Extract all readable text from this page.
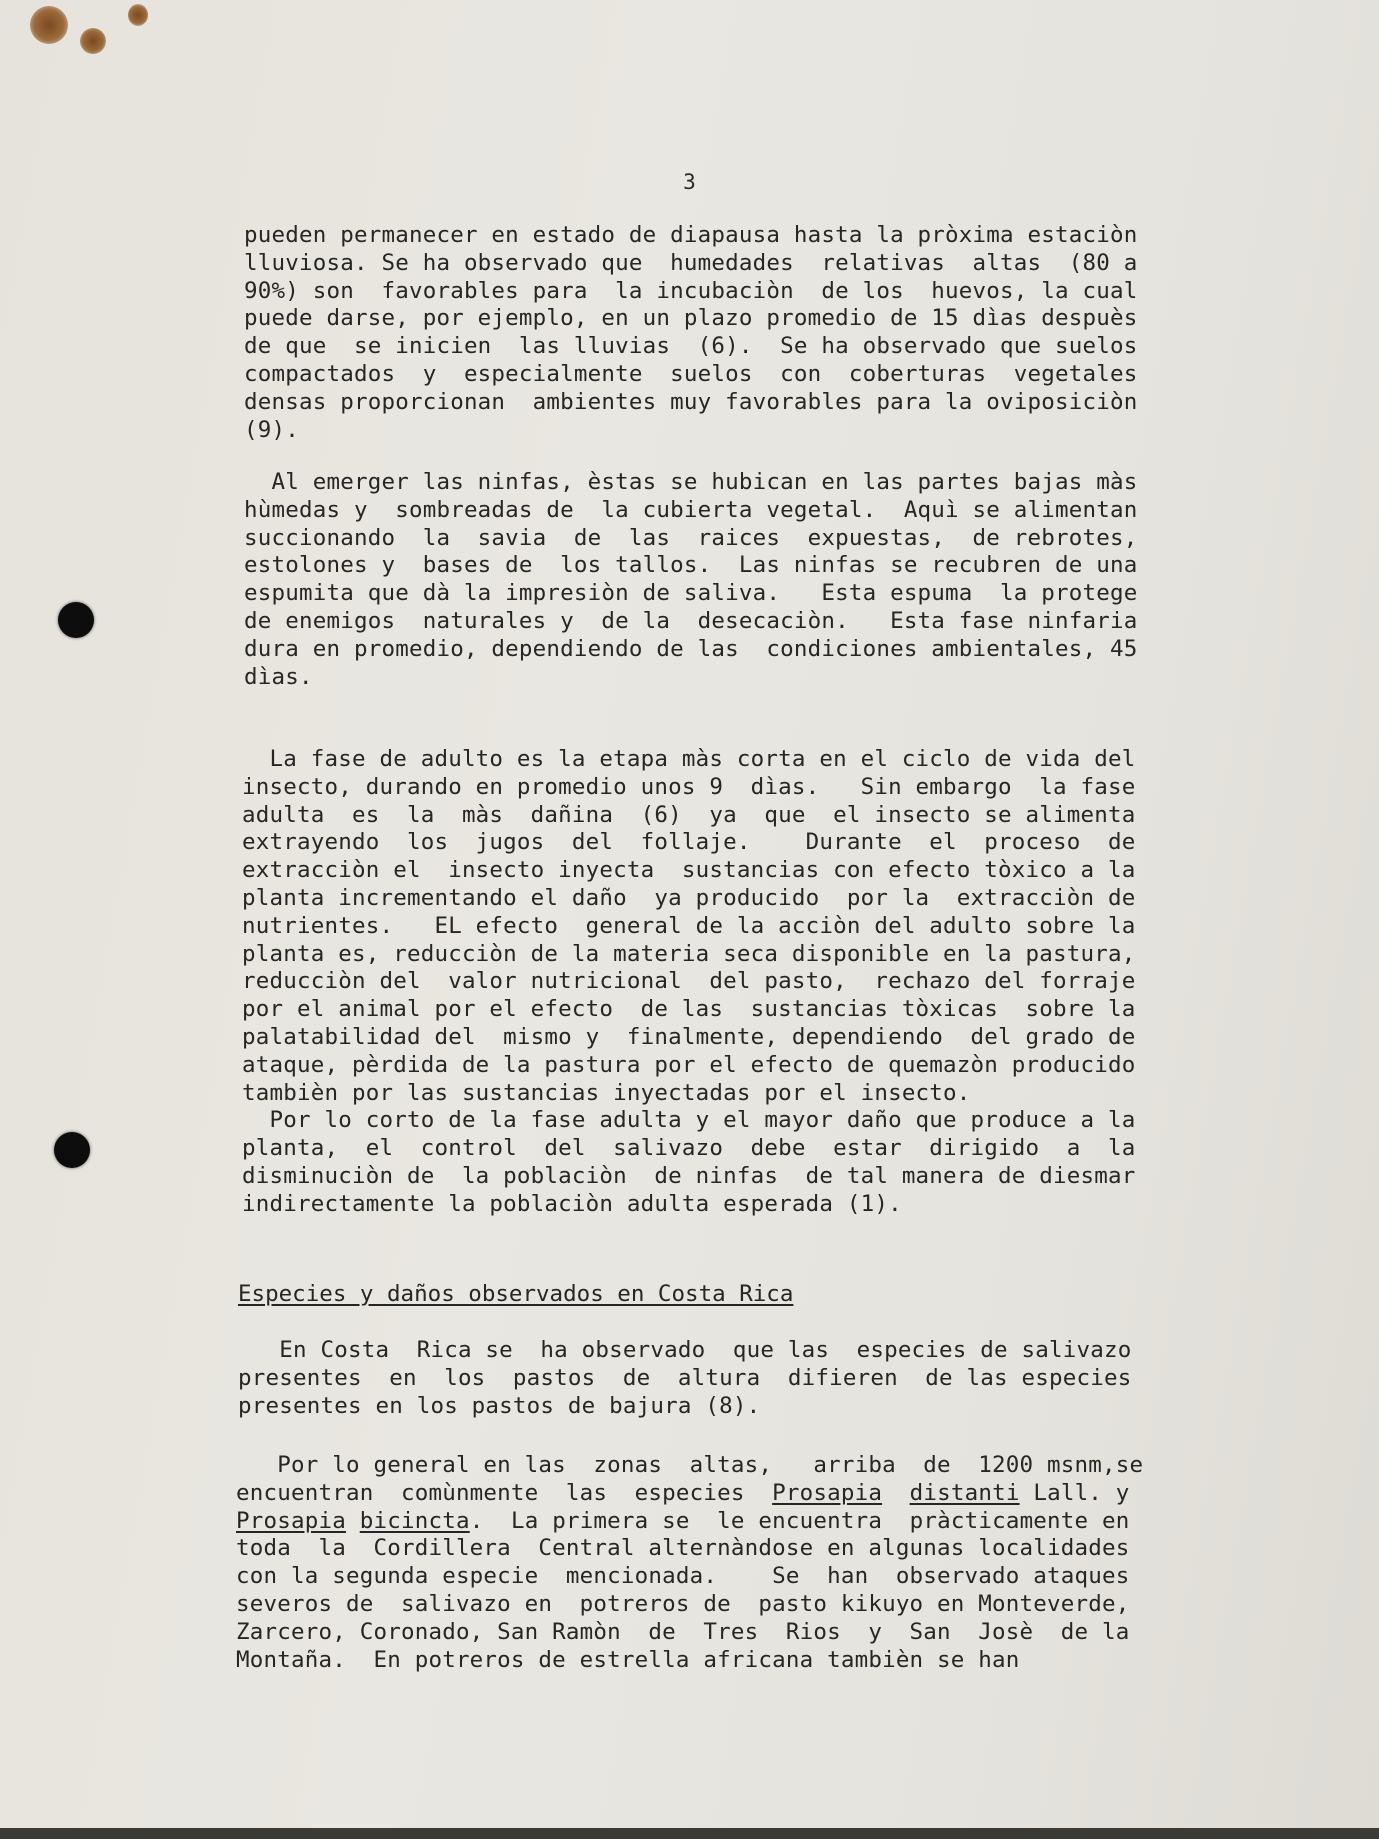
3
pueden permanecer en estado de diapausa hasta la pròxima estaciòn
lluviosa. Se ha observado que  humedades  relativas  altas  (80 a
90%) son  favorables para  la incubaciòn  de los  huevos, la cual
puede darse, por ejemplo, en un plazo promedio de 15 dìas despuès
de que  se inicien  las lluvias  (6).  Se ha observado que suelos
compactados  y  especialmente  suelos  con  coberturas  vegetales
densas proporcionan  ambientes muy favorables para la oviposiciòn
(9).
Al emerger las ninfas, èstas se hubican en las partes bajas màs
hùmedas y  sombreadas de  la cubierta vegetal.  Aquì se alimentan
succionando  la  savia  de  las  raices  expuestas,  de rebrotes,
estolones y  bases de  los tallos.  Las ninfas se recubren de una
espumita que dà la impresiòn de saliva.   Esta espuma  la protege
de enemigos  naturales y  de la  desecaciòn.   Esta fase ninfaria
dura en promedio, dependiendo de las  condiciones ambientales, 45
dìas.
La fase de adulto es la etapa màs corta en el ciclo de vida del
insecto, durando en promedio unos 9  dìas.   Sin embargo  la fase
adulta  es  la  màs  dañina  (6)  ya  que  el insecto se alimenta
extrayendo  los  jugos  del  follaje.    Durante  el  proceso  de
extracciòn el  insecto inyecta  sustancias con efecto tòxico a la
planta incrementando el daño  ya producido  por la  extracciòn de
nutrientes.   EL efecto  general de la acciòn del adulto sobre la
planta es, reducciòn de la materia seca disponible en la pastura,
reducciòn del  valor nutricional  del pasto,  rechazo del forraje
por el animal por el efecto  de las  sustancias tòxicas  sobre la
palatabilidad del  mismo y  finalmente, dependiendo  del grado de
ataque, pèrdida de la pastura por el efecto de quemazòn producido
tambièn por las sustancias inyectadas por el insecto.
Por lo corto de la fase adulta y el mayor daño que produce a la
planta,  el  control  del  salivazo  debe  estar  dirigido  a  la
disminuciòn de  la poblaciòn  de ninfas  de tal manera de diesmar
indirectamente la poblaciòn adulta esperada (1).
Especies y daños observados en Costa Rica
En Costa  Rica se  ha observado  que las  especies de salivazo
presentes  en  los  pastos  de  altura  difieren  de las especies
presentes en los pastos de bajura (8).
Por lo general en las  zonas  altas,   arriba  de  1200 msnm,se
encuentran  comùnmente  las  especies  Prosapia distanti Lall. y
Prosapia bicincta.  La primera se  le encuentra  pràcticamente en
toda  la  Cordillera  Central alternàndose en algunas localidades
con la segunda especie  mencionada.    Se  han  observado ataques
severos de  salivazo en  potreros de  pasto kikuyo en Monteverde,
Zarcero, Coronado, San Ramòn  de  Tres  Rios  y  San  Josè  de la
Montaña.  En potreros de estrella africana tambièn se han
